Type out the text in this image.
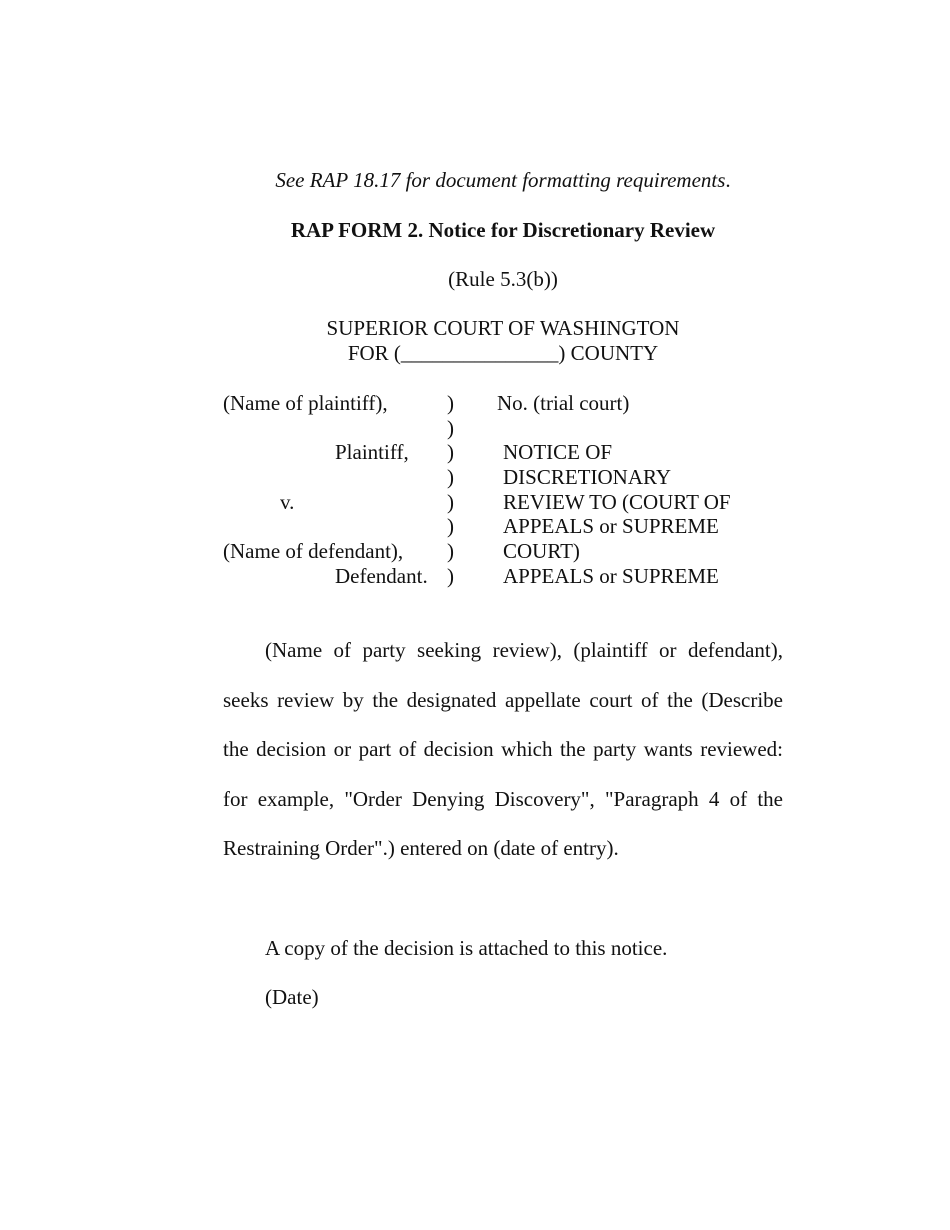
See RAP 18.17 for document formatting requirements.
RAP FORM 2. Notice for Discretionary Review
(Rule 5.3(b))
SUPERIOR COURT OF WASHINGTON
FOR (_______________) COUNTY
(Name of plaintiff),
Plaintiff,
v.
(Name of defendant),
Defendant.
)
)
)
)
)
)
)
)
No. (trial court)
NOTICE OF
DISCRETIONARY
REVIEW TO (COURT OF
APPEALS or SUPREME
COURT)
APPEALS or SUPREME
(Name of party seeking review), (plaintiff or defendant), seeks review by the designated appellate court of the (Describe the decision or part of decision which the party wants reviewed: for example, "Order Denying Discovery", "Paragraph 4 of the Restraining Order".) entered on (date of entry).
A copy of the decision is attached to this notice.
(Date)
